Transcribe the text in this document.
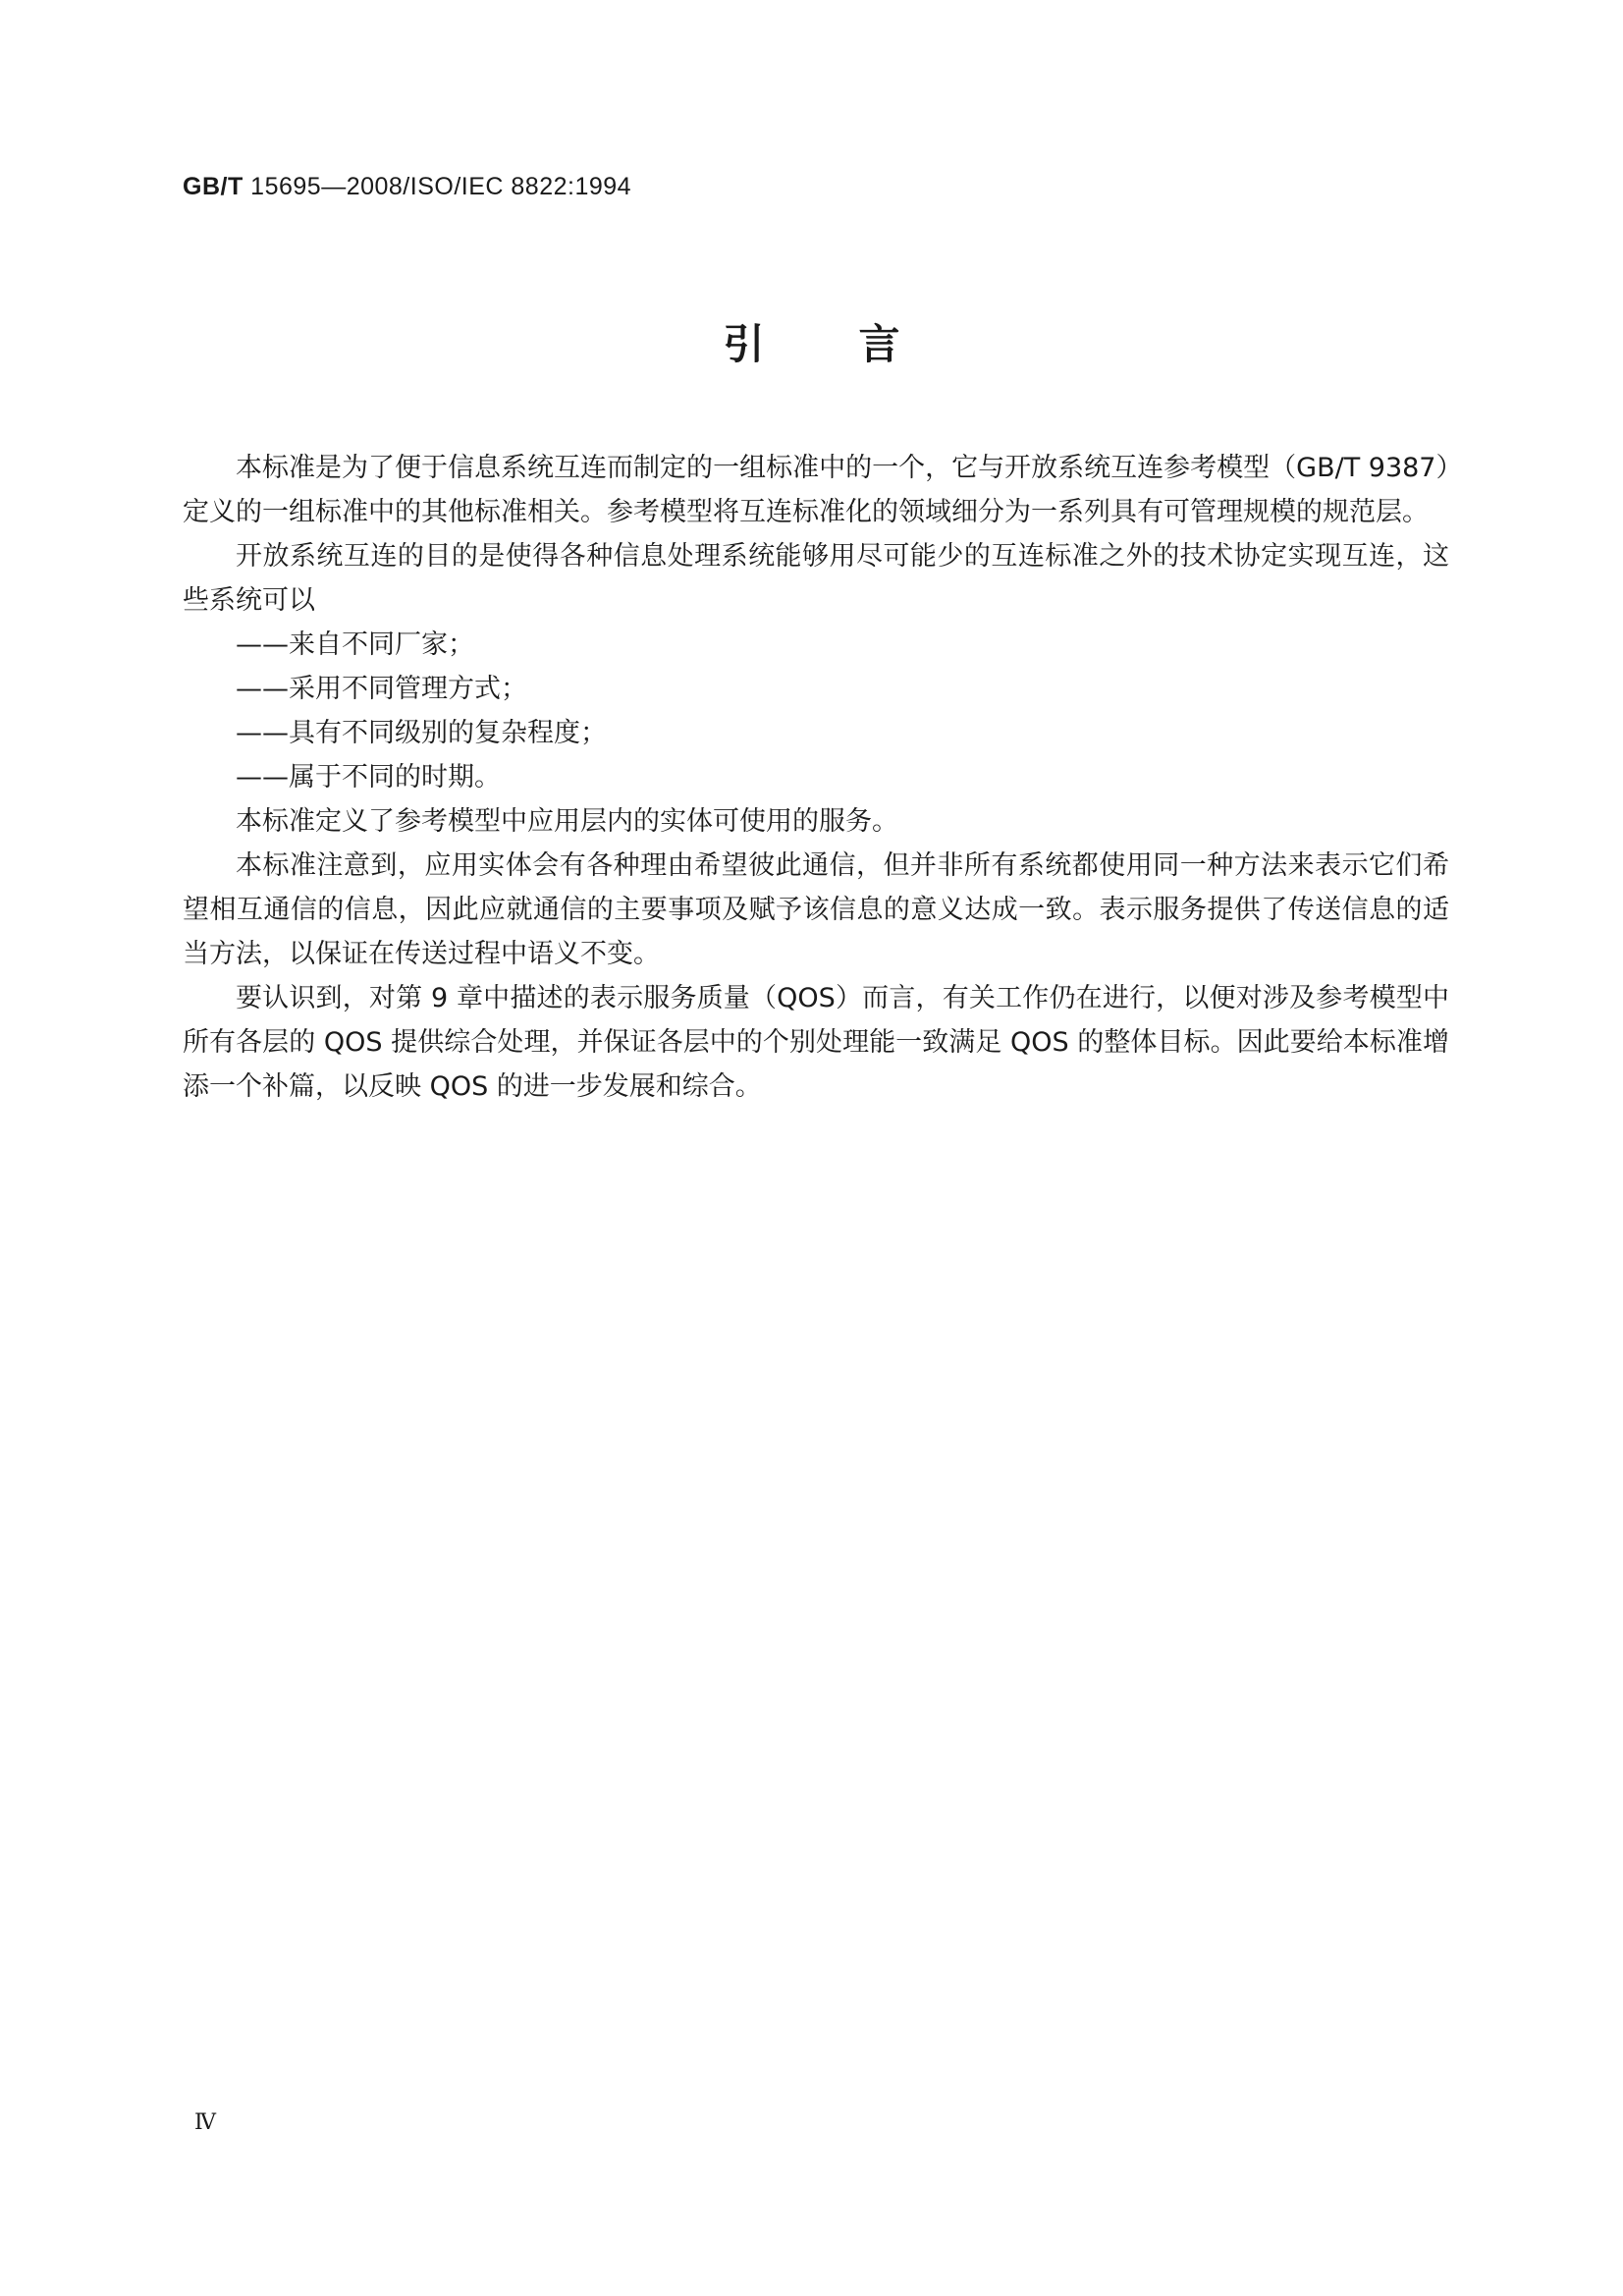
GB/T 15695—2008/ISO/IEC 8822:1994
引言

本标准是为了便于信息系统互连而制定的一组标准中的一个，它与开放系统互连参考模型（GB/T 9387）定义的一组标准中的其他标准相关。参考模型将互连标准化的领域细分为一系列具有可管理规模的规范层。

开放系统互连的目的是使得各种信息处理系统能够用尽可能少的互连标准之外的技术协定实现互连，这些系统可以

——来自不同厂家；

——采用不同管理方式；

——具有不同级别的复杂程度；

——属于不同的时期。

本标准定义了参考模型中应用层内的实体可使用的服务。

本标准注意到，应用实体会有各种理由希望彼此通信，但并非所有系统都使用同一种方法来表示它们希望相互通信的信息，因此应就通信的主要事项及赋予该信息的意义达成一致。表示服务提供了传送信息的适当方法，以保证在传送过程中语义不变。

要认识到，对第 9 章中描述的表示服务质量（QOS）而言，有关工作仍在进行，以便对涉及参考模型中所有各层的 QOS 提供综合处理，并保证各层中的个别处理能一致满足 QOS 的整体目标。因此要给本标准增添一个补篇，以反映 QOS 的进一步发展和综合。

Ⅳ
